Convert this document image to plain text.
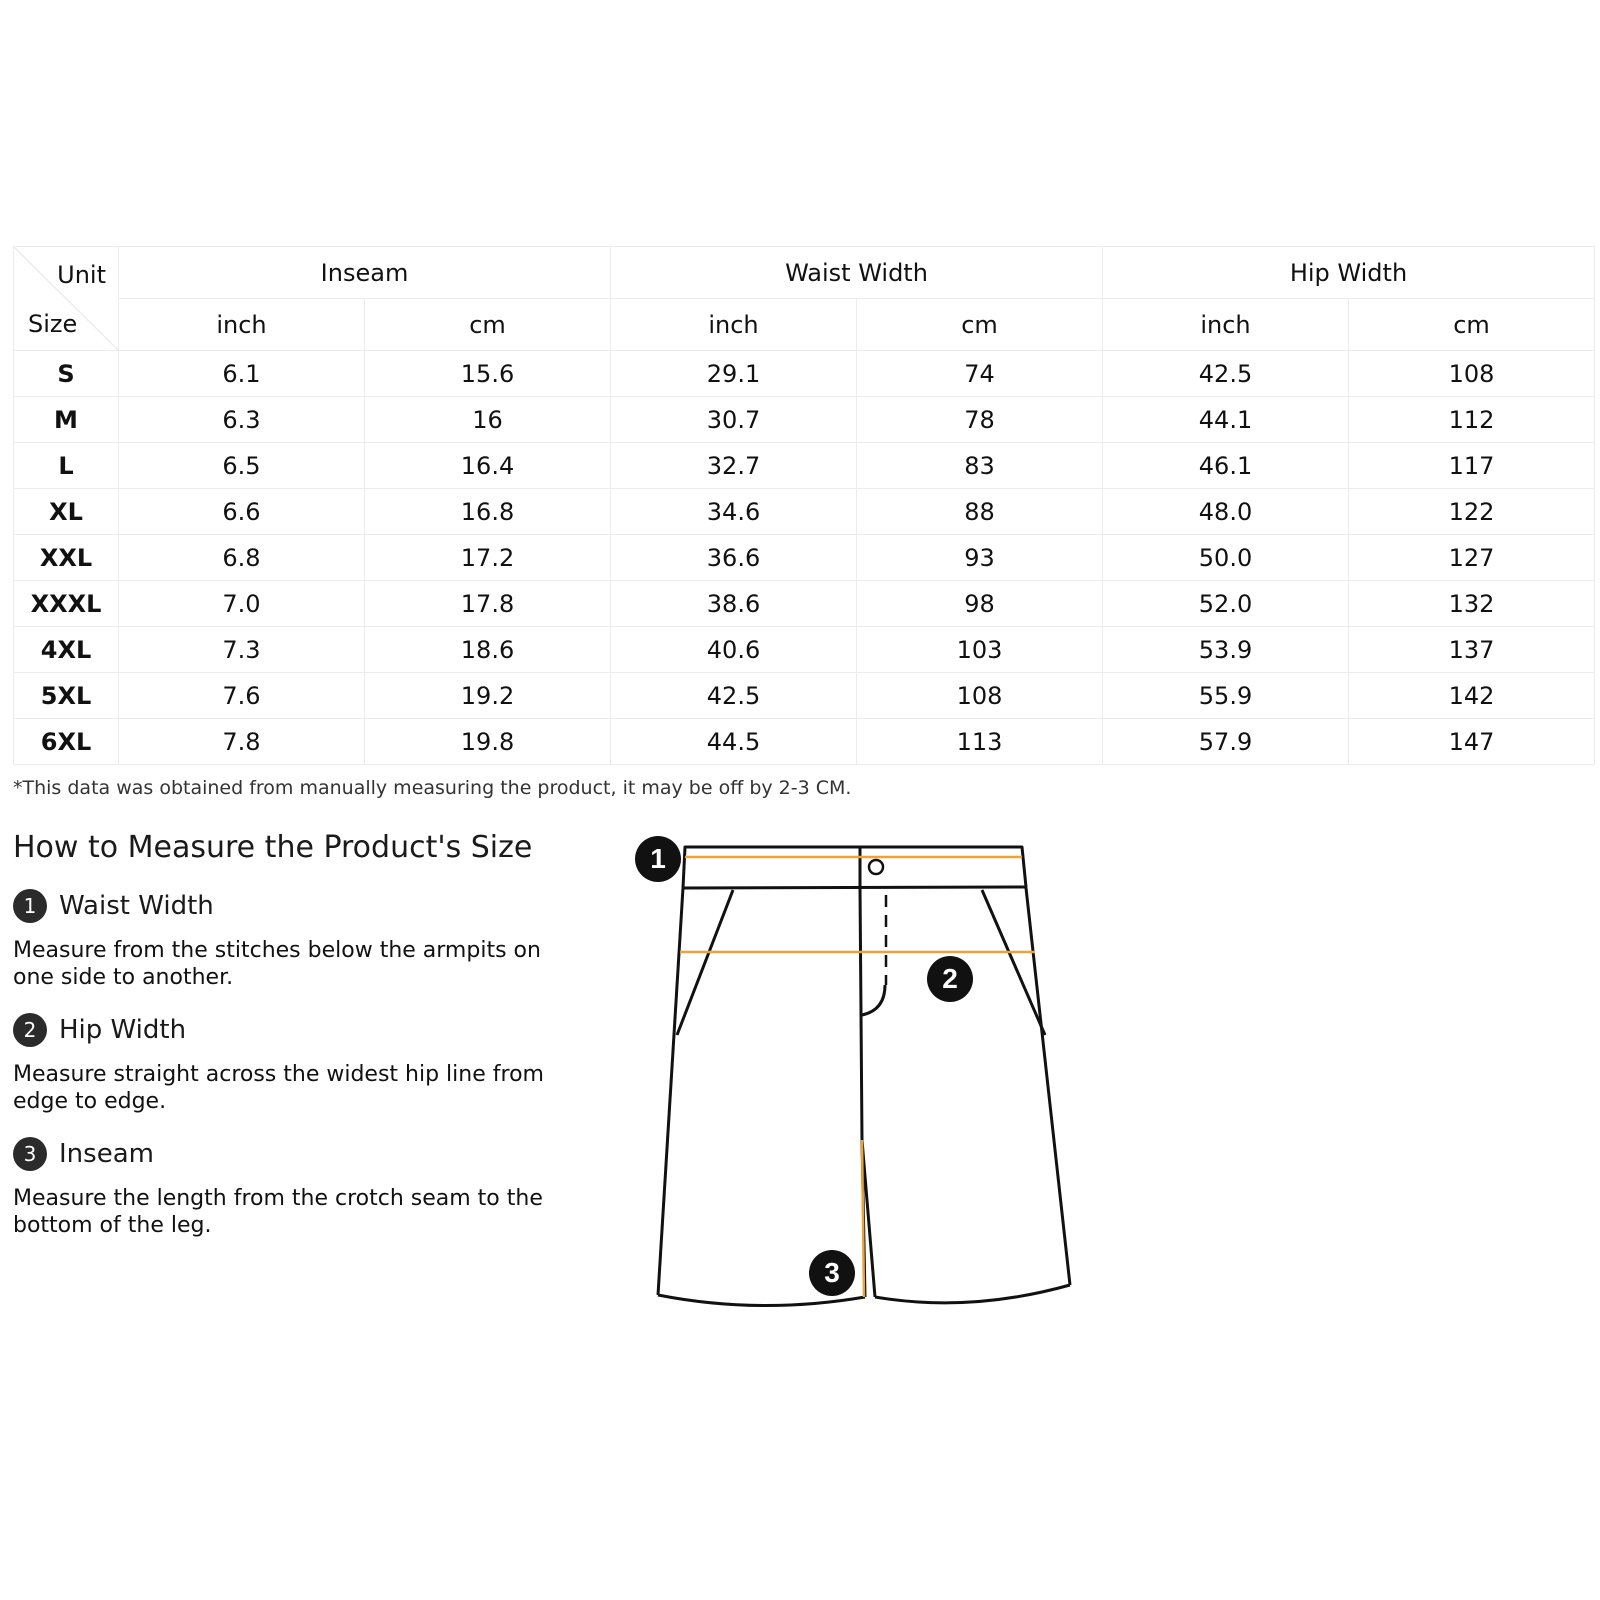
Unit
Size	Inseam		Waist Width		Hip Width	
	inch	cm	inch	cm	inch	cm
S	6.1	15.6	29.1	74	42.5	108
M	6.3	16	30.7	78	44.1	112
L	6.5	16.4	32.7	83	46.1	117
XL	6.6	16.8	34.6	88	48.0	122
XXL	6.8	17.2	36.6	93	50.0	127
XXXL	7.0	17.8	38.6	98	52.0	132
4XL	7.3	18.6	40.6	103	53.9	137
5XL	7.6	19.2	42.5	108	55.9	142
6XL	7.8	19.8	44.5	113	57.9	147
*This data was obtained from manually measuring the product, it may be off by 2-3 CM.
How to Measure the Product's Size
1 Waist Width
Measure from the stitches below the armpits on one side to another.
2 Hip Width
Measure straight across the widest hip line from edge to edge.
3 Inseam
Measure the length from the crotch seam to the bottom of the leg.
1
2
3
